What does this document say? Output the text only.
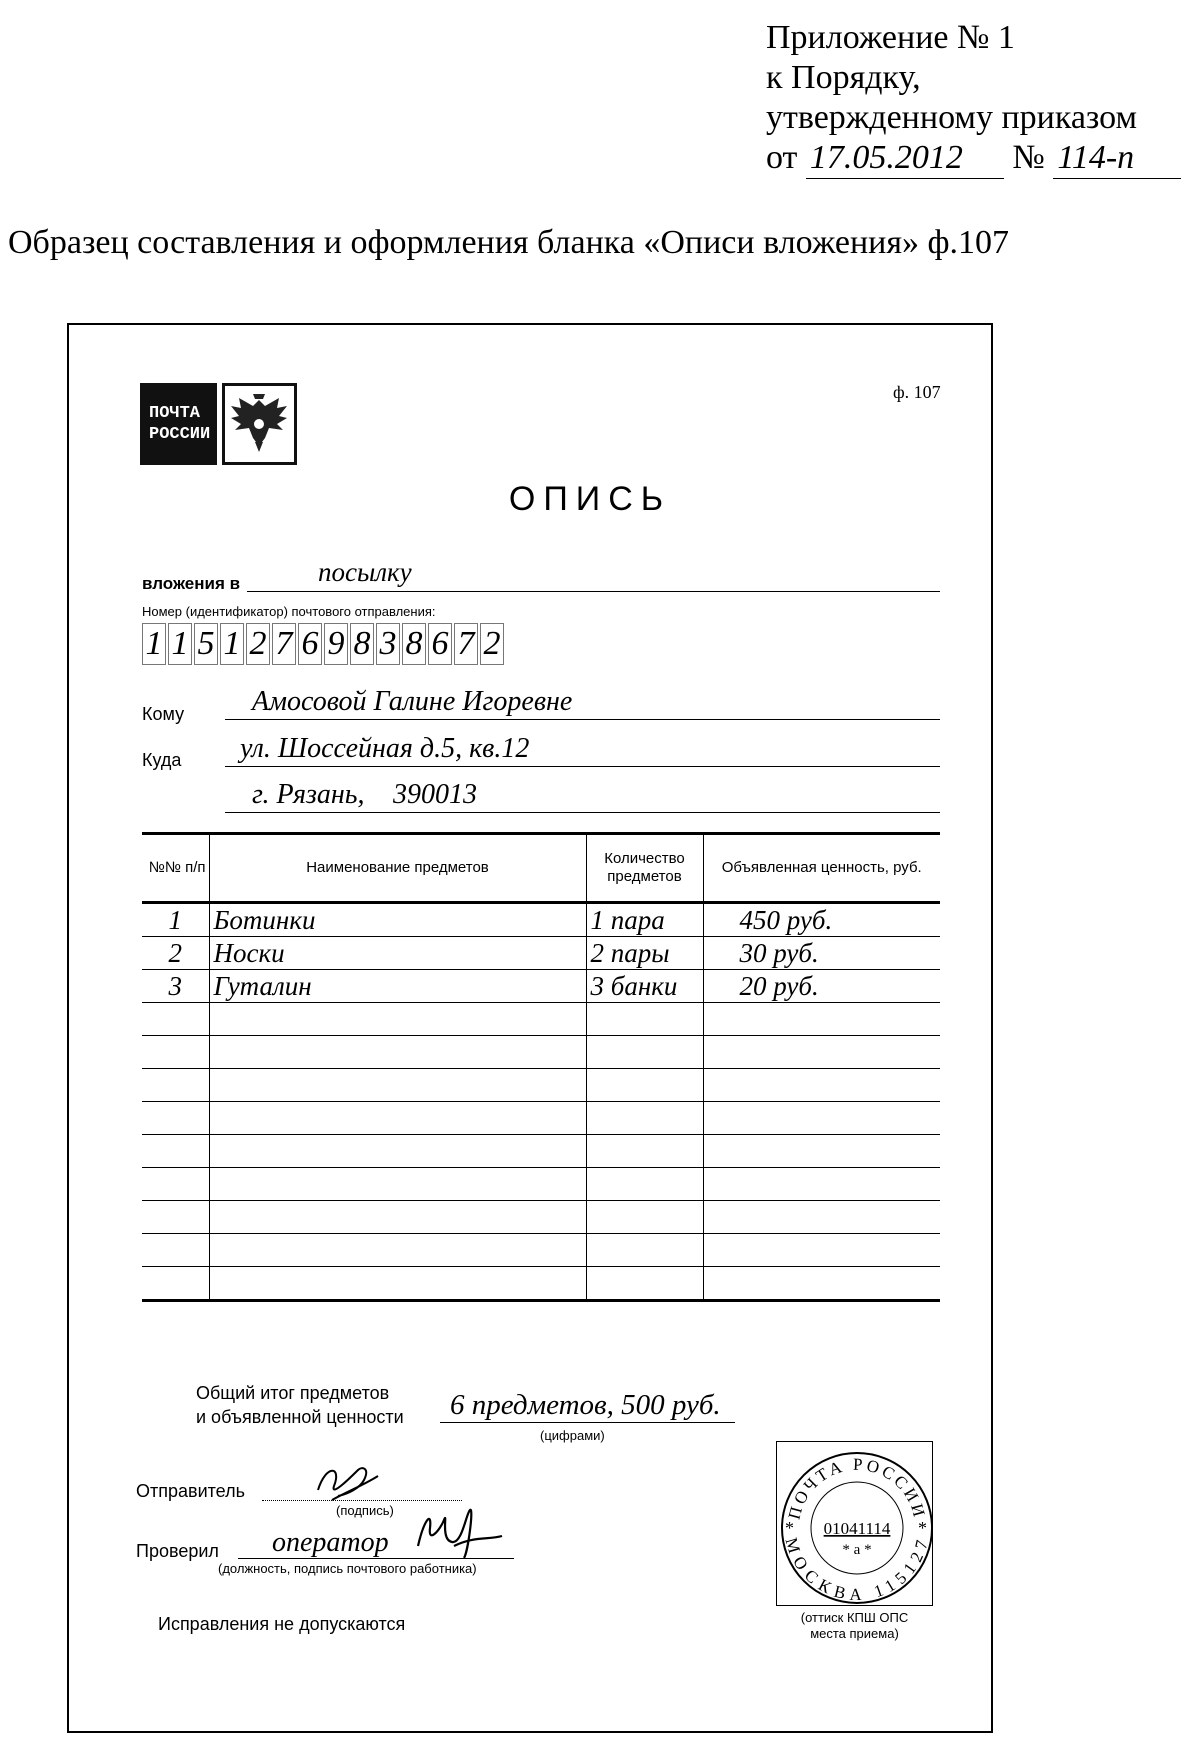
Приложение № 1
к Порядку,
утвержденному приказом
от 17.05.2012 № 114-п
Образец составления и оформления бланка «Описи вложения» ф.107
ПОЧТА
РОССИИ
ф. 107
ОПИСЬ
вложения в	посылку
Номер (идентификатор) почтового отправления:
1 1 5 1 2 7 6 9 8 3 8 6 7 2
Кому Амосовой Галине Игоревне
Куда ул. Шоссейная д.5, кв.12
г. Рязань, 390013
№№ п/п	Наименование предметов	Количество предметов	Объявленная ценность, руб.
1	Ботинки	1 пара	450 руб.
2	Носки	2 пары	30 руб.
3	Гуталин	3 банки	20 руб.

Общий итог предметов
и объявленной ценности 6 предметов, 500 руб.
(цифрами)
Отправитель
(подпись)
Проверил оператор
(должность, подпись почтового работника)
Исправления не допускаются
ПОЧТА РОССИИ
МОСКВА 115127
01041114
* а *
*	*
(оттиск КПШ ОПС
места приема)
